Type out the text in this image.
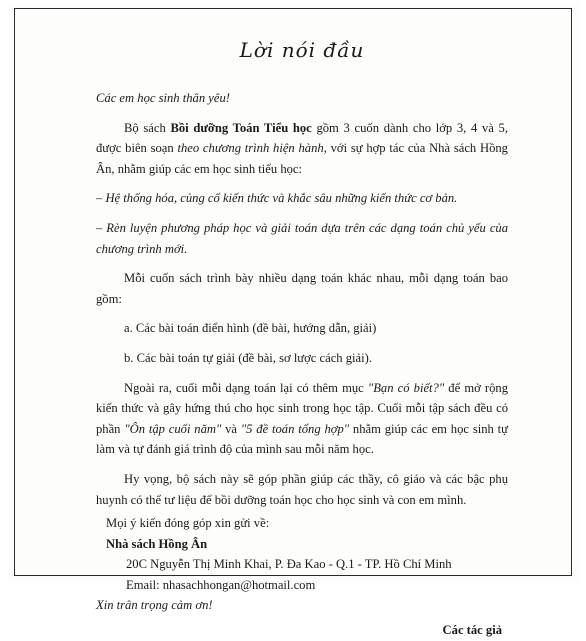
Lời nói đầu

Các em học sinh thân yêu!

Bộ sách Bồi dưỡng Toán Tiểu học gồm 3 cuốn dành cho lớp 3, 4 và 5, được biên soạn theo chương trình hiện hành, với sự hợp tác của Nhà sách Hồng Ân, nhằm giúp các em học sinh tiểu học:

– Hệ thống hóa, củng cố kiến thức và khắc sâu những kiến thức cơ bản.

– Rèn luyện phương pháp học và giải toán dựa trên các dạng toán chủ yếu của chương trình mới.

Mỗi cuốn sách trình bày nhiều dạng toán khác nhau, mỗi dạng toán bao gồm:

a. Các bài toán điển hình (đề bài, hướng dẫn, giải)

b. Các bài toán tự giải (đề bài, sơ lược cách giải).

Ngoài ra, cuối mỗi dạng toán lại có thêm mục "Bạn có biết?" để mở rộng kiến thức và gây hứng thú cho học sinh trong học tập. Cuối mỗi tập sách đều có phần "Ôn tập cuối năm" và "5 đề toán tổng hợp" nhằm giúp các em học sinh tự làm và tự đánh giá trình độ của mình sau mỗi năm học.

Hy vọng, bộ sách này sẽ góp phần giúp các thầy, cô giáo và các bậc phụ huynh có thể tư liệu để bồi dưỡng toán học cho học sinh và con em mình.

Mọi ý kiến đóng góp xin gửi về:

Nhà sách Hồng Ân

20C Nguyễn Thị Minh Khai, P. Đa Kao - Q.1 - TP. Hồ Chí Minh

Email: nhasachhongan@hotmail.com

Xin trân trọng cảm ơn!

Các tác giả
